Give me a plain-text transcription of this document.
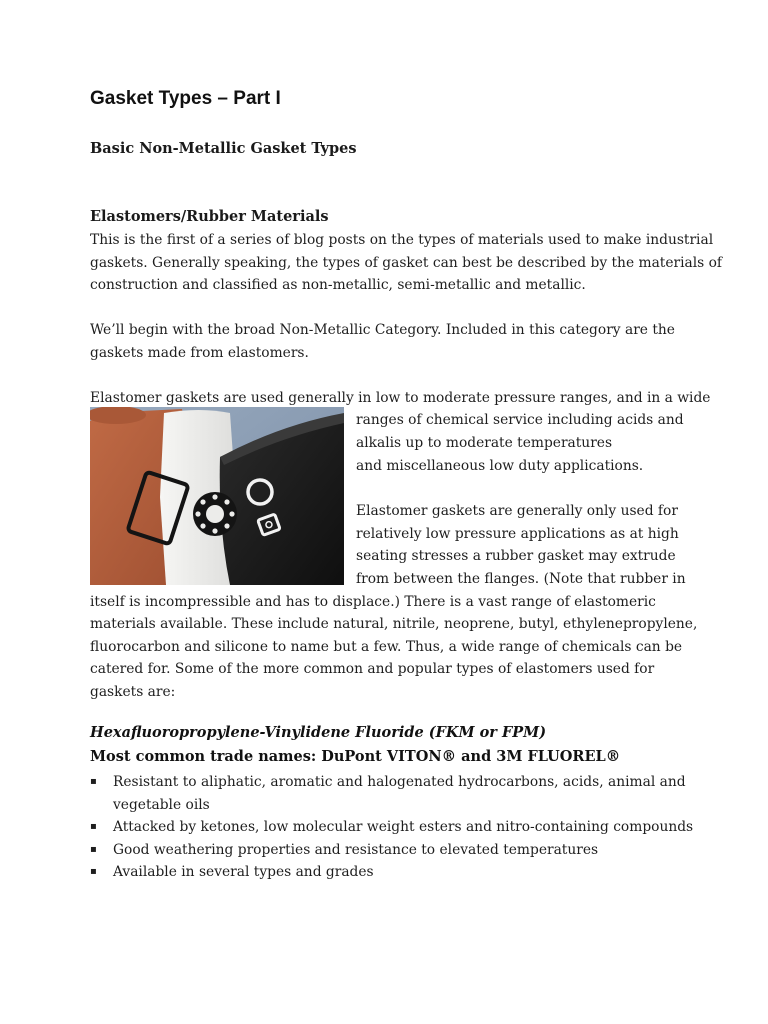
Gasket Types – Part I
Basic Non-Metallic Gasket Types
Elastomers/Rubber Materials
This is the first of a series of blog posts on the types of materials used to make industrial
gaskets. Generally speaking, the types of gasket can best be described by the materials of
construction and classified as non-metallic, semi-metallic and metallic.
We’ll begin with the broad Non-Metallic Category. Included in this category are the
gaskets made from elastomers.
Elastomer gaskets are used generally in low to moderate pressure ranges, and in a wide
ranges of chemical service including acids and
alkalis up to moderate temperatures
and miscellaneous low duty applications.
Elastomer gaskets are generally only used for
relatively low pressure applications as at high
seating stresses a rubber gasket may extrude
from between the flanges. (Note that rubber in
itself is incompressible and has to displace.) There is a vast range of elastomeric
materials available. These include natural, nitrile, neoprene, butyl, ethylenepropylene,
fluorocarbon and silicone to name but a few. Thus, a wide range of chemicals can be
catered for. Some of the more common and popular types of elastomers used for
gaskets are:
Hexafluoropropylene-Vinylidene Fluoride (FKM or FPM)
Most common trade names: DuPont VITON® and 3M FLUOREL®
▪ Resistant to aliphatic, aromatic and halogenated hydrocarbons, acids, animal and
vegetable oils
▪ Attacked by ketones, low molecular weight esters and nitro-containing compounds
▪ Good weathering properties and resistance to elevated temperatures
▪ Available in several types and grades
